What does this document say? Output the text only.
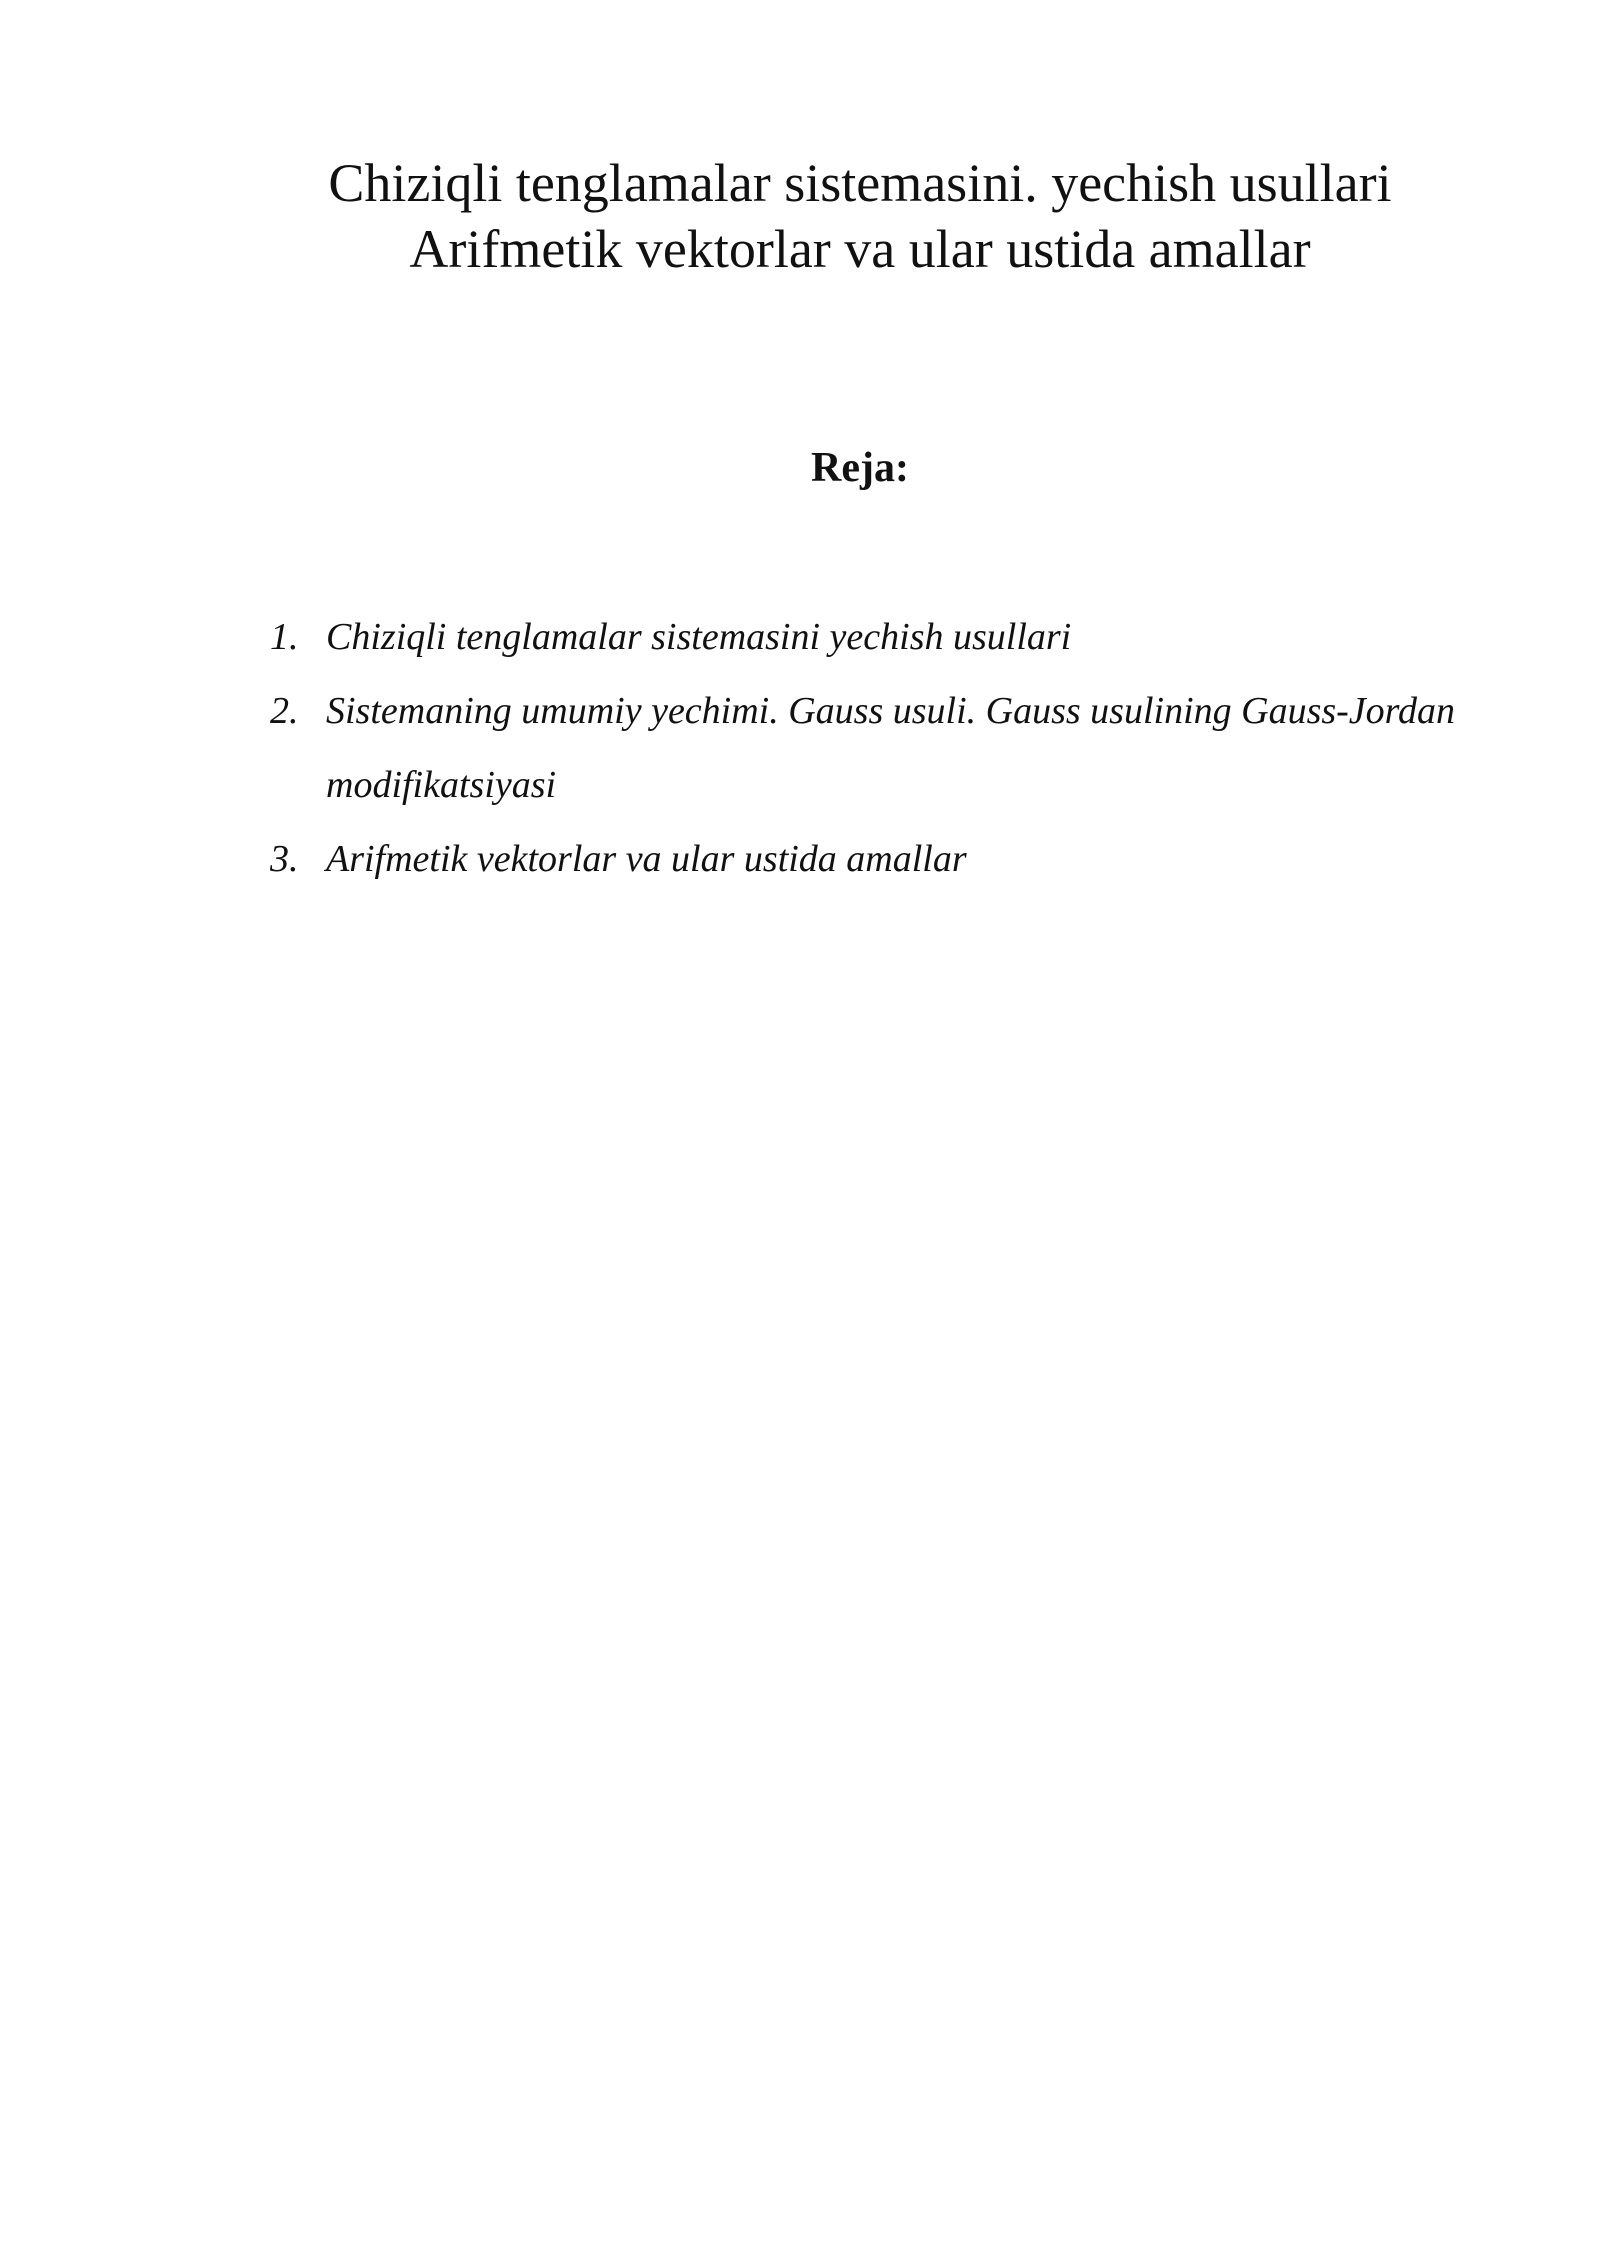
Chiziqli tenglamalar sistemasini. yechish usullari
Arifmetik vektorlar va ular ustida amallar
Reja:
1. Chiziqli tenglamalar sistemasini yechish usullari
2. Sistemaning umumiy yechimi. Gauss usuli. Gauss usulining Gauss-Jordan modifikatsiyasi
3. Arifmetik vektorlar va ular ustida amallar
